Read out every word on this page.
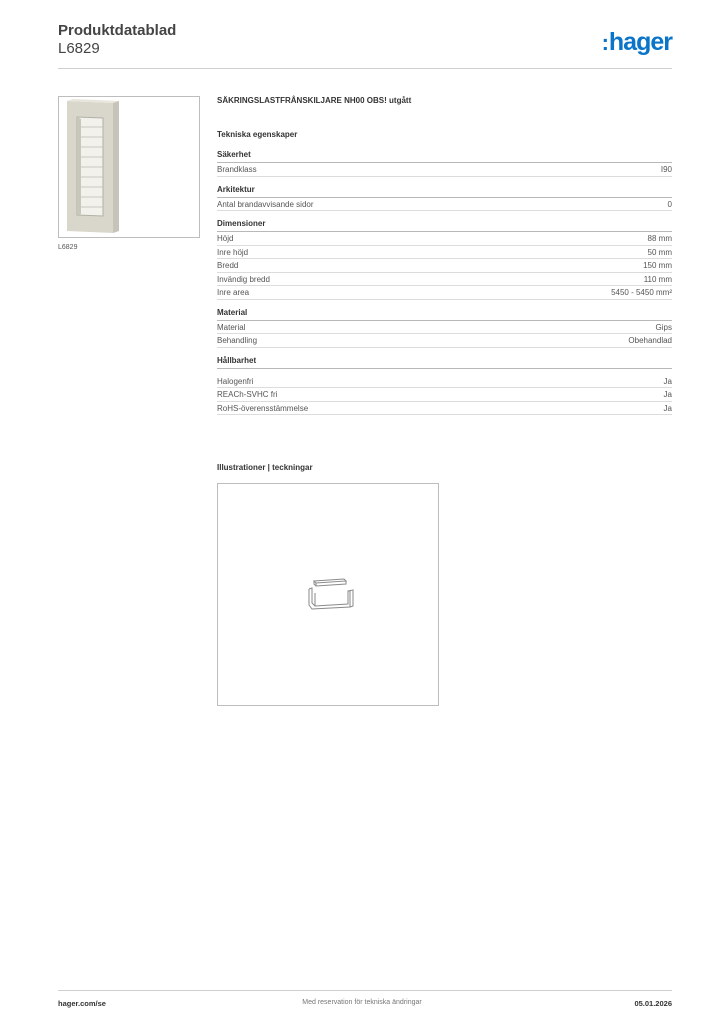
Produktdatablad
L6829	:hager
L6829
SÄKRINGSLASTFRÅNSKILJARE NH00 OBS! utgått
Tekniska egenskaper
Säkerhet
Brandklass	I90
Arkitektur
Antal brandavvisande sidor	0
Dimensioner
Höjd	88 mm
Inre höjd	50 mm
Bredd	150 mm
Invändig bredd	110 mm
Inre area	5450 - 5450 mm²
Material
Material	Gips
Behandling	Obehandlad
Hållbarhet
Halogenfri	Ja
REACh-SVHC fri	Ja
RoHS-överensstämmelse	Ja
Illustrationer | teckningar
hager.com/se	Med reservation för tekniska ändringar	05.01.2026
